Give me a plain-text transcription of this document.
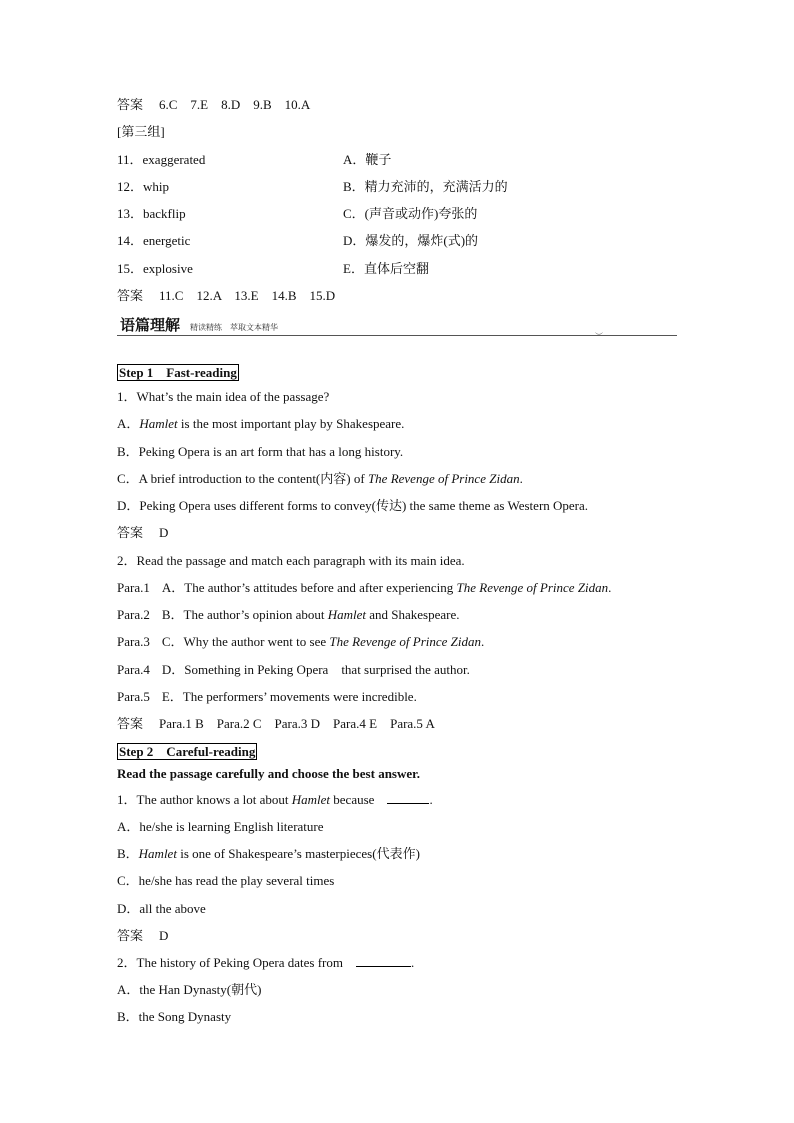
答案 6.C　7.E　8.D　9.B　10.A
[第三组]
11．exaggerated	A．鞭子
12．whip	B．精力充沛的，充满活力的
13．backflip	C．(声音或动作)夸张的
14．energetic	D．爆发的，爆炸(式)的
15．explosive	E．直体后空翻
答案 11.C　12.A　13.E　14.B　15.D
语篇理解 精读精练　萃取文本精华
︶
Step 1　Fast-reading
1．What’s the main idea of the passage?
A．Hamlet is the most important play by Shakespeare.
B．Peking Opera is an art form that has a long history.
C．A brief introduction to the content(内容) of The Revenge of Prince Zidan.
D．Peking Opera uses different forms to convey(传达) the same theme as Western Opera.
答案 D
2．Read the passage and match each paragraph with its main idea.
Para.1 A．The author’s attitudes before and after experiencing The Revenge of Prince Zidan.
Para.2 B．The author’s opinion about Hamlet and Shakespeare.
Para.3 C．Why the author went to see The Revenge of Prince Zidan.
Para.4 D．Something in Peking Opera　that surprised the author.
Para.5 E．The performers’ movements were incredible.
答案 Para.1 B　Para.2 C　Para.3 D　Para.4 E　Para.5 A
Step 2　Careful-reading
Read the passage carefully and choose the best answer.
1．The author knows a lot about Hamlet because　	.
A．he/she is learning English literature
B．Hamlet is one of Shakespeare’s masterpieces(代表作)
C．he/she has read the play several times
D．all the above
答案 D
2．The history of Peking Opera dates from　	.
A．the Han Dynasty(朝代)
B．the Song Dynasty
